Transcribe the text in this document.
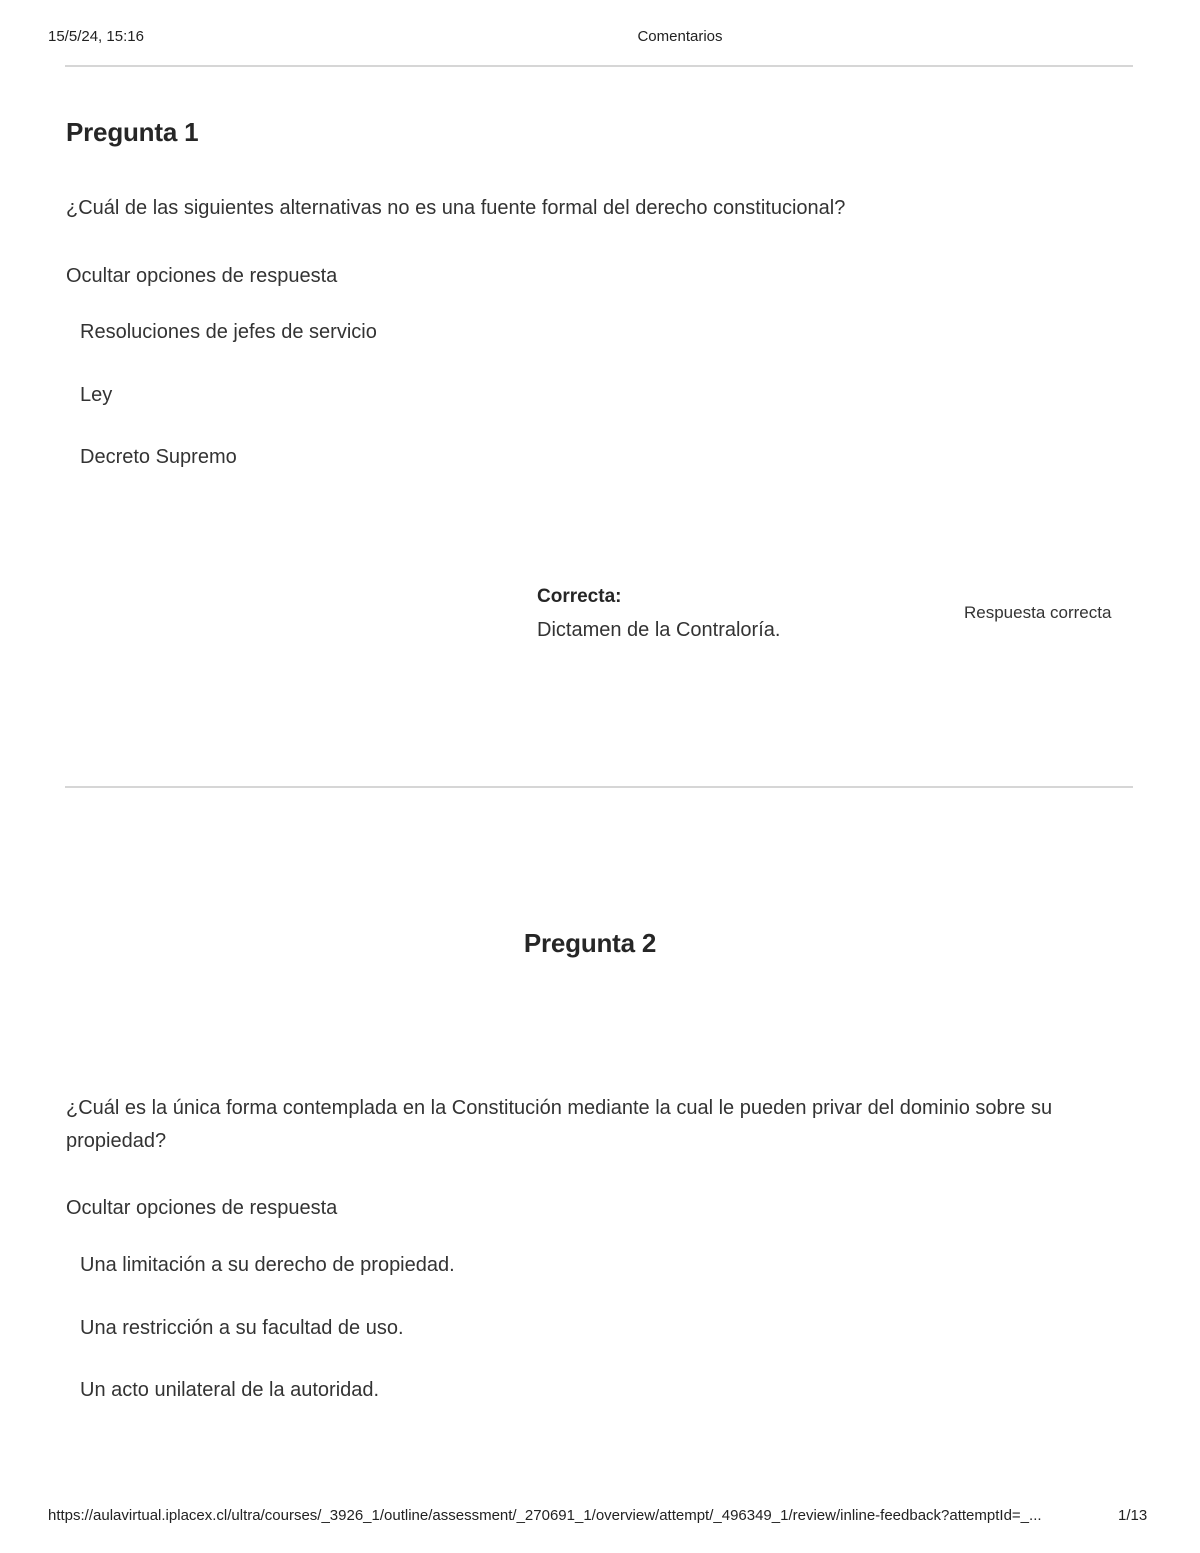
15/5/24, 15:16	Comentarios
Pregunta 1
¿Cuál de las siguientes alternativas no es una fuente formal del derecho constitucional?
Ocultar opciones de respuesta
Resoluciones de jefes de servicio
Ley
Decreto Supremo
Correcta:
Dictamen de la Contraloría.
Respuesta correcta
Pregunta 2
¿Cuál es la única forma contemplada en la Constitución mediante la cual le pueden privar del dominio sobre su propiedad?
Ocultar opciones de respuesta
Una limitación a su derecho de propiedad.
Una restricción a su facultad de uso.
Un acto unilateral de la autoridad.
https://aulavirtual.iplacex.cl/ultra/courses/_3926_1/outline/assessment/_270691_1/overview/attempt/_496349_1/review/inline-feedback?attemptId=_...	1/13
